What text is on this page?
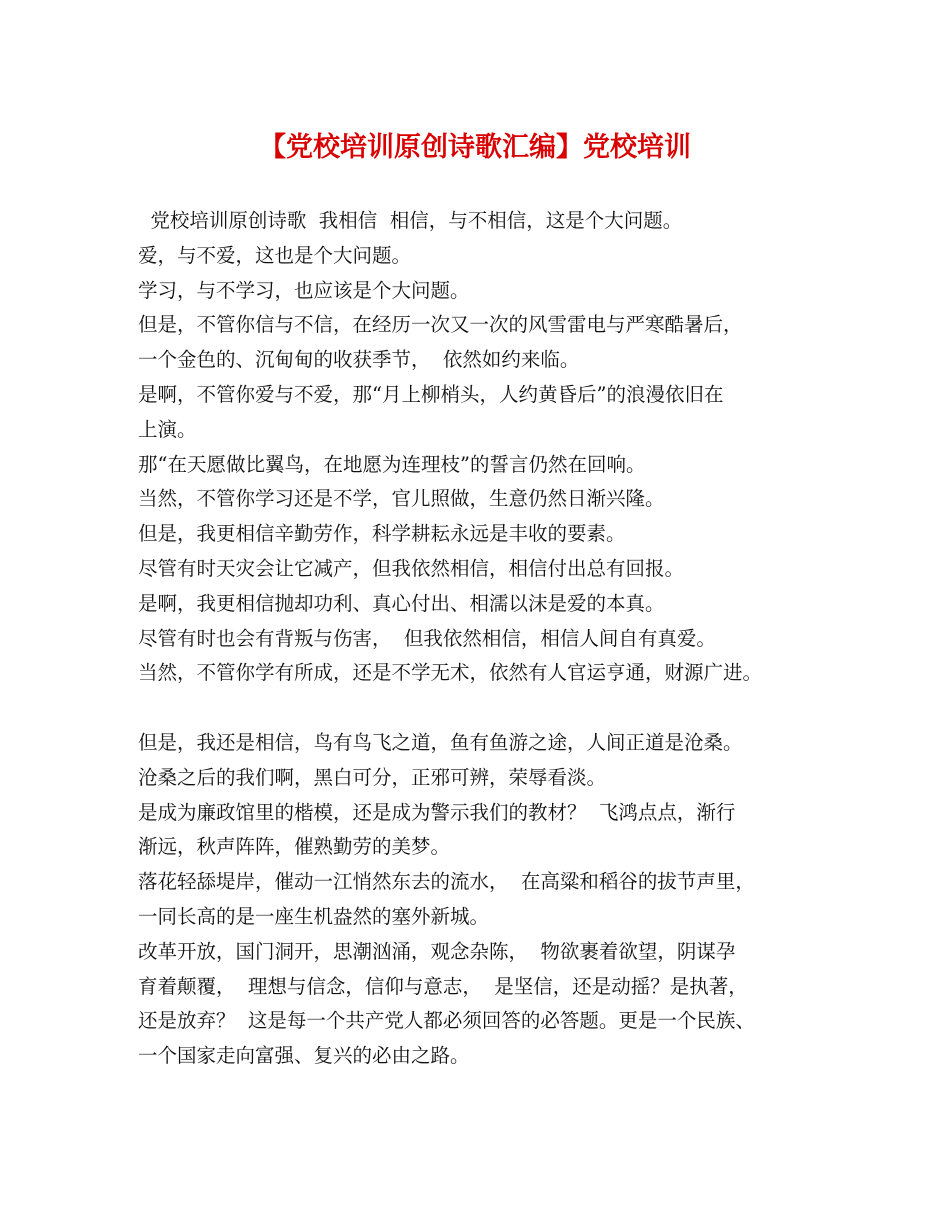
【党校培训原创诗歌汇编】党校培训

党校培训原创诗歌  我相信  相信，与不相信，这是个大问题。

爱，与不爱，这也是个大问题。

学习，与不学习，也应该是个大问题。

但是，不管你信与不信，在经历一次又一次的风雪雷电与严寒酷暑后，

一个金色的、沉甸甸的收获季节，  依然如约来临。

是啊，不管你爱与不爱，那“月上柳梢头，人约黄昏后”的浪漫依旧在

上演。

那“在天愿做比翼鸟，在地愿为连理枝”的誓言仍然在回响。

当然，不管你学习还是不学，官儿照做，生意仍然日渐兴隆。

但是，我更相信辛勤劳作，科学耕耘永远是丰收的要素。

尽管有时天灾会让它减产，但我依然相信，相信付出总有回报。

是啊，我更相信抛却功利、真心付出、相濡以沫是爱的本真。

尽管有时也会有背叛与伤害，  但我依然相信，相信人间自有真爱。

当然，不管你学有所成，还是不学无术，依然有人官运亨通，财源广进。

但是，我还是相信，鸟有鸟飞之道，鱼有鱼游之途，人间正道是沧桑。

沧桑之后的我们啊，黑白可分，正邪可辨，荣辱看淡。

是成为廉政馆里的楷模，还是成为警示我们的教材？  飞鸿点点，渐行

渐远，秋声阵阵，催熟勤劳的美梦。

落花轻舔堤岸，催动一江悄然东去的流水，  在高粱和稻谷的拔节声里，

一同长高的是一座生机盎然的塞外新城。

改革开放，国门洞开，思潮汹涌，观念杂陈，  物欲裹着欲望，阴谋孕

育着颠覆，  理想与信念，信仰与意志，  是坚信，还是动摇？是执著，

还是放弃？  这是每一个共产党人都必须回答的必答题。更是一个民族、

一个国家走向富强、复兴的必由之路。
